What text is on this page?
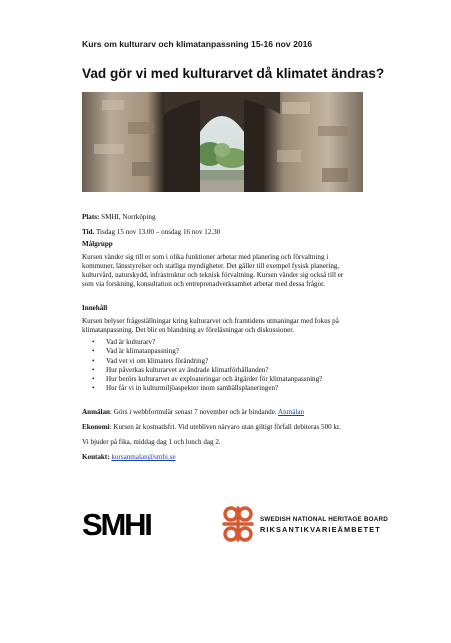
Kurs om kulturarv och klimatanpassning 15-16 nov 2016
Vad gör vi med kulturarvet då klimatet ändras?
Plats: SMHI, Norrköping
Tid. Tisdag 15 nov 13.00 – onsdag 16 nov 12.30
Målgrupp
Kursen vänder sig till er som i olika funktioner arbetar med planering och förvaltning i
kommuner, länsstyrelser och statliga myndigheter. Det gäller till exempel fysisk planering,
kulturvård, naturskydd, infrastruktur och teknisk förvaltning. Kursen vänder sig också till er
som via forskning, konsultation och entreprenadverksamhet arbetar med dessa frågor.
Innehåll
Kursen belyser frågeställningar kring kulturarvet och framtidens utmaningar med fokus på
klimatanpassning. Det blir en blandning av föreläsningar och diskussioner.
• Vad är kulturarv?
• Vad är klimatanpassning?
• Vad vet vi om klimatets förändring?
• Hur påverkas kulturarvet av ändrade klimatförhållanden?
• Hur berörs kulturarvet av exploateringar och åtgärder för klimatanpassning?
• Hur får vi in kulturmiljöaspekter inom samhällsplaneringen?
Anmälan: Görs i webbformulär senast 7 november och är bindande. Anmälan
Ekonomi: Kursen är kostnadsfri. Vid utebliven närvaro utan giltigt förfall debiteras 500 kr.
Vi bjuder på fika, middag dag 1 och lunch dag 2.
Kontakt: kursanmalan@smhi.se
SMHI	SWEDISH NATIONAL HERITAGE BOARD
RIKSANTIKVARIEÄMBETET
